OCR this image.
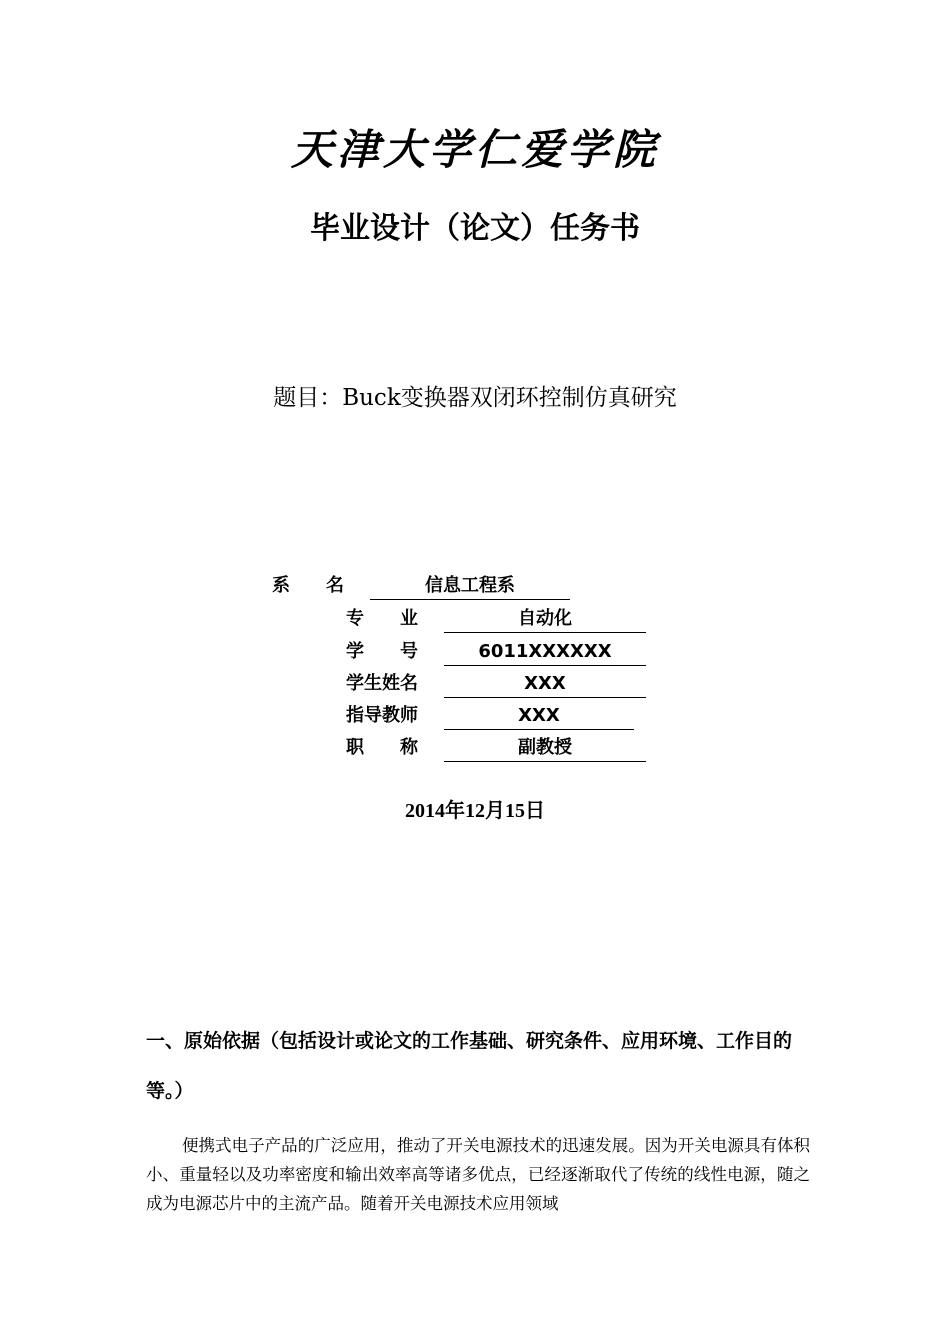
天津大学仁爱学院
毕业设计（论文）任务书
题目：Buck变换器双闭环控制仿真研究
系　　名	信息工程系
专　　业	自动化
学　　号	6011XXXXXX
学生姓名	XXX
指导教师	XXX
职　　称	副教授
2014年12月15日
一、原始依据（包括设计或论文的工作基础、研究条件、应用环境、工作目的等。）
便携式电子产品的广泛应用，推动了开关电源技术的迅速发展。因为开关电源具有体积小、重量轻以及功率密度和输出效率高等诸多优点，已经逐渐取代了传统的线性电源，随之成为电源芯片中的主流产品。随着开关电源技术应用领域
